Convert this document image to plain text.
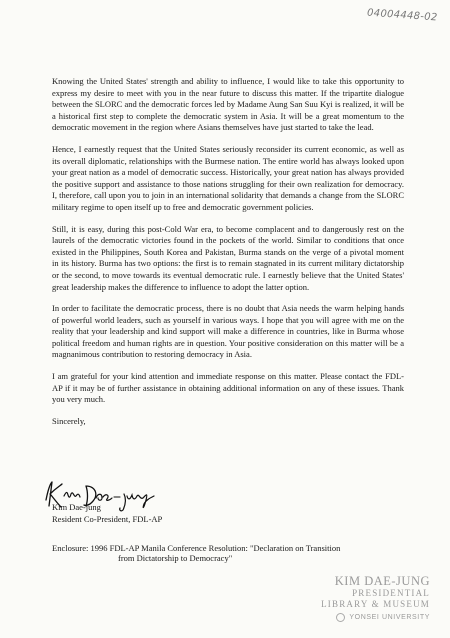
04004448-02

Knowing the United States' strength and ability to influence, I would like to take this opportunity to express my desire to meet with you in the near future to discuss this matter. If the tripartite dialogue between the SLORC and the democratic forces led by Madame Aung San Suu Kyi is realized, it will be a historical first step to complete the democratic system in Asia. It will be a great momentum to the democratic movement in the region where Asians themselves have just started to take the lead.

Hence, I earnestly request that the United States seriously reconsider its current economic, as well as its overall diplomatic, relationships with the Burmese nation. The entire world has always looked upon your great nation as a model of democratic success. Historically, your great nation has always provided the positive support and assistance to those nations struggling for their own realization for democracy. I, therefore, call upon you to join in an international solidarity that demands a change from the SLORC military regime to open itself up to free and democratic government policies.

Still, it is easy, during this post-Cold War era, to become complacent and to dangerously rest on the laurels of the democratic victories found in the pockets of the world. Similar to conditions that once existed in the Philippines, South Korea and Pakistan, Burma stands on the verge of a pivotal moment in its history. Burma has two options: the first is to remain stagnated in its current military dictatorship or the second, to move towards its eventual democratic rule. I earnestly believe that the United States' great leadership makes the difference to influence to adopt the latter option.

In order to facilitate the democratic process, there is no doubt that Asia needs the warm helping hands of powerful world leaders, such as yourself in various ways. I hope that you will agree with me on the reality that your leadership and kind support will make a difference in countries, like in Burma whose political freedom and human rights are in question. Your positive consideration on this matter will be a magnanimous contribution to restoring democracy in Asia.

I am grateful for your kind attention and immediate response on this matter. Please contact the FDL-AP if it may be of further assistance in obtaining additional information on any of these issues. Thank you very much.

Sincerely,

Kim Dae-jung
Resident Co-President, FDL-AP
Enclosure: 1996 FDL-AP Manila Conference Resolution: "Declaration on Transition
from Dictatorship to Democracy"
KIM DAE-JUNG
PRESIDENTIAL
LIBRARY & MUSEUM
YONSEI UNIVERSITY
